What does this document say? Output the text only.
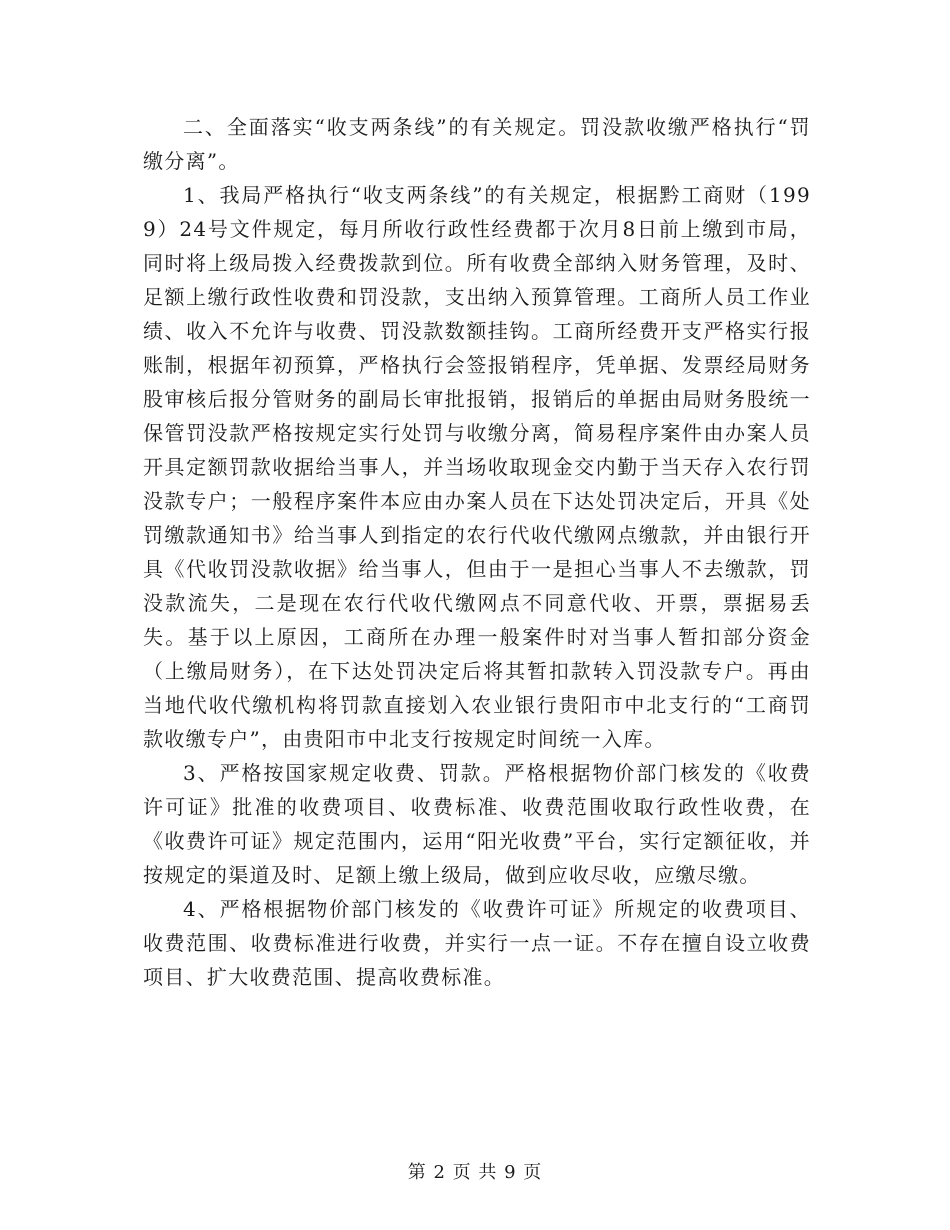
二、全面落实“收支两条线”的有关规定。罚没款收缴严格执行“罚缴分离”。

1、我局严格执行“收支两条线”的有关规定，根据黔工商财（1999）24号文件规定，每月所收行政性经费都于次月8日前上缴到市局，同时将上级局拨入经费拨款到位。所有收费全部纳入财务管理，及时、足额上缴行政性收费和罚没款，支出纳入预算管理。工商所人员工作业绩、收入不允许与收费、罚没款数额挂钩。工商所经费开支严格实行报账制，根据年初预算，严格执行会签报销程序，凭单据、发票经局财务股审核后报分管财务的副局长审批报销，报销后的单据由局财务股统一保管罚没款严格按规定实行处罚与收缴分离，简易程序案件由办案人员开具定额罚款收据给当事人，并当场收取现金交内勤于当天存入农行罚没款专户；一般程序案件本应由办案人员在下达处罚决定后，开具《处罚缴款通知书》给当事人到指定的农行代收代缴网点缴款，并由银行开具《代收罚没款收据》给当事人，但由于一是担心当事人不去缴款，罚没款流失，二是现在农行代收代缴网点不同意代收、开票，票据易丢失。基于以上原因，工商所在办理一般案件时对当事人暂扣部分资金（上缴局财务），在下达处罚决定后将其暂扣款转入罚没款专户。再由当地代收代缴机构将罚款直接划入农业银行贵阳市中北支行的“工商罚款收缴专户”，由贵阳市中北支行按规定时间统一入库。

3、严格按国家规定收费、罚款。严格根据物价部门核发的《收费许可证》批准的收费项目、收费标准、收费范围收取行政性收费，在《收费许可证》规定范围内，运用“阳光收费”平台，实行定额征收，并按规定的渠道及时、足额上缴上级局，做到应收尽收，应缴尽缴。

4、严格根据物价部门核发的《收费许可证》所规定的收费项目、收费范围、收费标准进行收费，并实行一点一证。不存在擅自设立收费项目、扩大收费范围、提高收费标准。

第 2 页 共 9 页
